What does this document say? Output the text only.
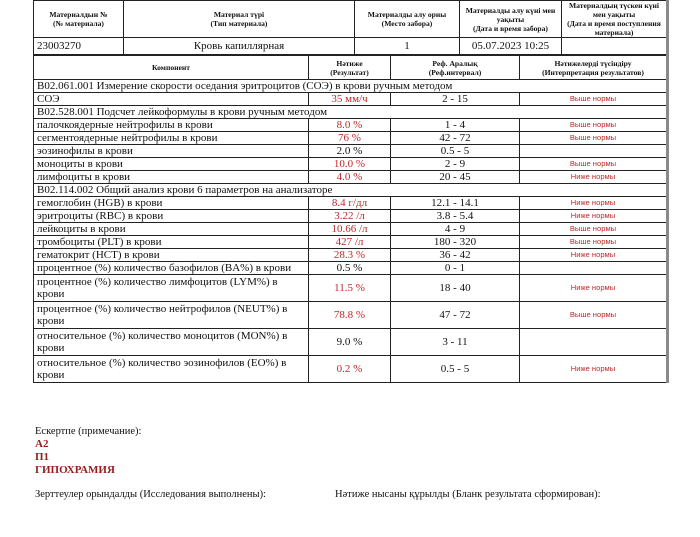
Материалдын №
(№ материала)	Материал түрі
(Тип материала)	Материалды алу орны
(Место забора)	Материалды алу күні мен уақыты
(Дата и время забора)	Материалдың түскен күні мен уақыты
(Дата и время поступления материала)
23003270	Кровь капиллярная	1	05.07.2023 10:25	
Компонент	Нәтиже
(Результат)	Реф. Аралық
(Реф.интервал)	Нәтижелерді түсіндіру
(Интерпретация результатов)
B02.061.001 Измерение скорости оседания эритроцитов (СОЭ) в крови ручным методом			
СОЭ	35 мм/ч	2 - 15	Выше нормы
B02.528.001 Подсчет лейкоформулы в крови ручным методом			
палочкоядерные нейтрофилы в крови	8.0 %	1 - 4	Выше нормы
сегментоядерные нейтрофилы в крови	76 %	42 - 72	Выше нормы
эозинофилы в крови	2.0 %	0.5 - 5	
моноциты в крови	10.0 %	2 - 9	Выше нормы
лимфоциты в крови	4.0 %	20 - 45	Ниже нормы
B02.114.002 Общий анализ крови 6 параметров на анализаторе			
гемоглобин (HGB) в крови	8.4 г/дл	12.1 - 14.1	Ниже нормы
эритроциты (RBC) в крови	3.22 /л	3.8 - 5.4	Ниже нормы
лейкоциты в крови	10.66 /л	4 - 9	Выше нормы
тромбоциты (PLT) в крови	427 /л	180 - 320	Выше нормы
гематокрит (HCT) в крови	28.3 %	36 - 42	Ниже нормы
процентное (%) количество базофилов (BA%) в крови	0.5 %	0 - 1	
процентное (%) количество лимфоцитов (LYM%) в крови	11.5 %	18 - 40	Ниже нормы
процентное (%) количество нейтрофилов (NEUT%) в крови	78.8 %	47 - 72	Выше нормы
относительное (%) количество моноцитов (MON%) в крови	9.0 %	3 - 11	
относительное (%) количество эозинофилов (EO%) в крови	0.2 %	0.5 - 5	Ниже нормы
Ескертпе (примечание):
А2
П1
ГИПОХРАМИЯ
Зерттеулер орындалды (Исследования выполнены):	Нәтиже нысаны құрылды (Бланк результата сформирован):
